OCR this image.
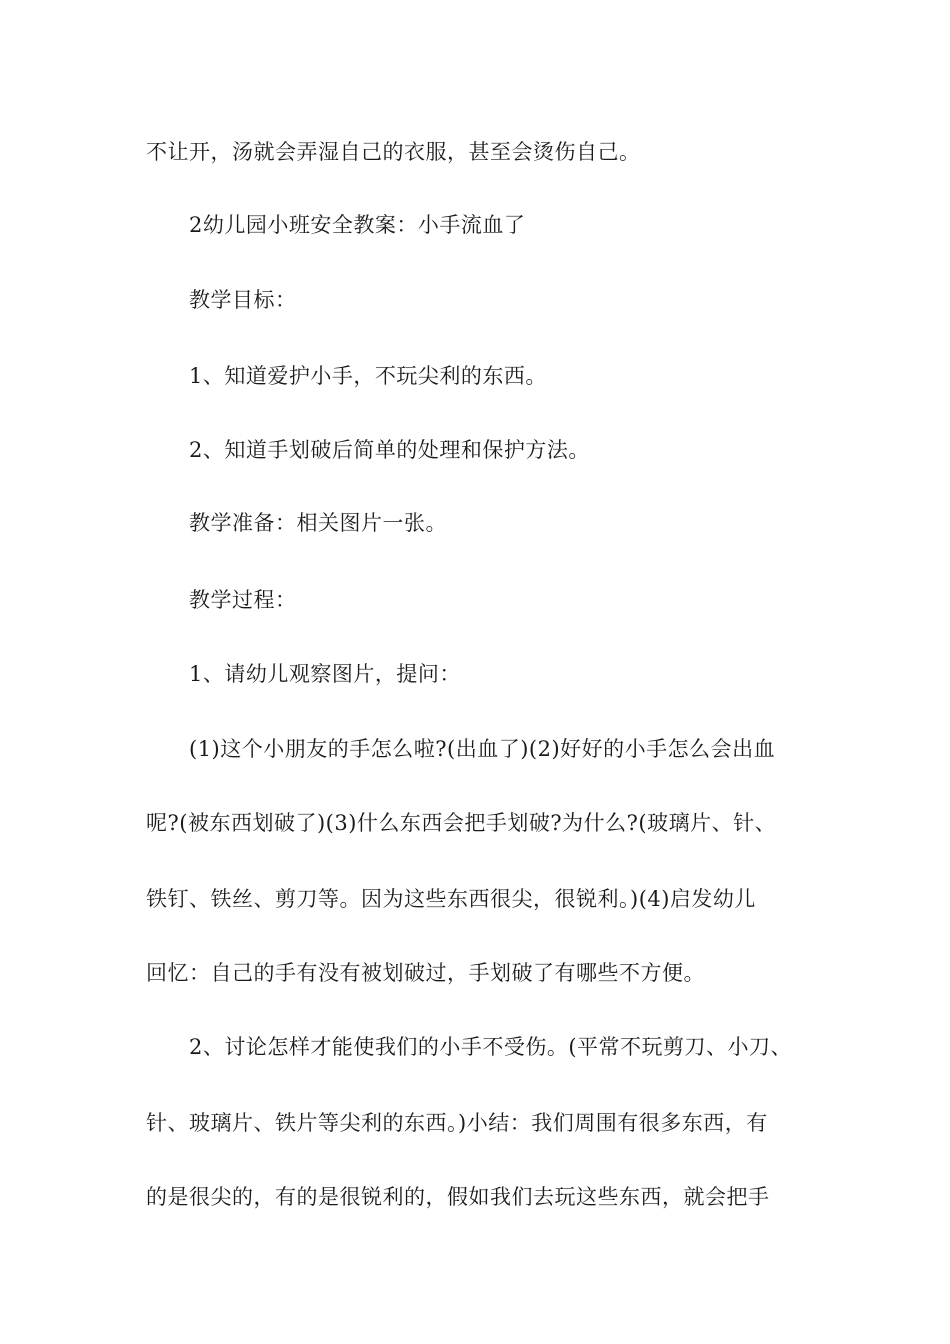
不让开，汤就会弄湿自己的衣服，甚至会烫伤自己。
2幼儿园小班安全教案：小手流血了
教学目标：
1、知道爱护小手，不玩尖利的东西。
2、知道手划破后简单的处理和保护方法。
教学准备：相关图片一张。
教学过程：
1、请幼儿观察图片，提问：
(1)这个小朋友的手怎么啦?(出血了)(2)好好的小手怎么会出血
呢?(被东西划破了)(3)什么东西会把手划破?为什么?(玻璃片、针、
铁钉、铁丝、剪刀等。因为这些东西很尖，很锐利。)(4)启发幼儿
回忆：自己的手有没有被划破过，手划破了有哪些不方便。
2、讨论怎样才能使我们的小手不受伤。(平常不玩剪刀、小刀、
针、玻璃片、铁片等尖利的东西。)小结：我们周围有很多东西，有
的是很尖的，有的是很锐利的，假如我们去玩这些东西，就会把手
